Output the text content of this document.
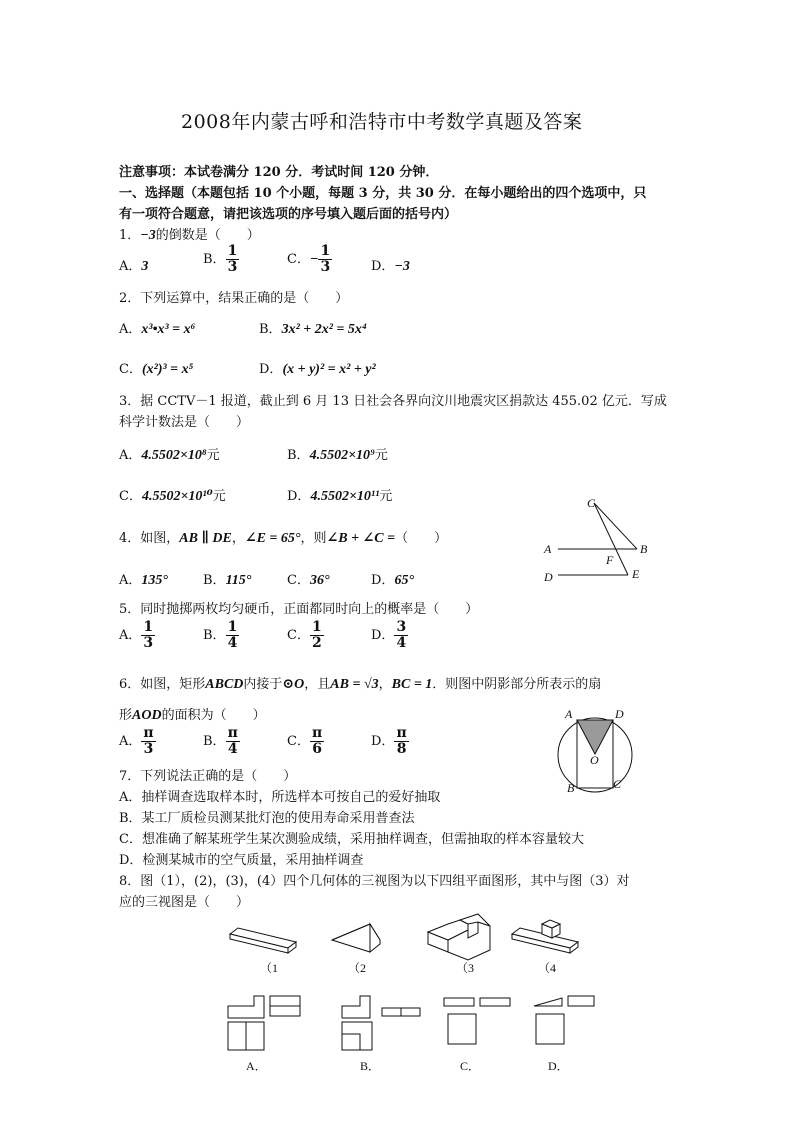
2008年内蒙古呼和浩特市中考数学真题及答案
注意事项：本试卷满分 120 分．考试时间 120 分钟．
一、选择题（本题包括 10 个小题，每题 3 分，共 30 分．在每小题给出的四个选项中，只
有一项符合题意，请把该选项的序号填入题后面的括号内）
1．−3的倒数是（　　）
A．3	B． $\frac{1}{3}$	C．− $\frac{1}{3}$	D．−3
2．下列运算中，结果正确的是（　　）
A．x³•x³ = x⁶	B．3x² + 2x² = 5x⁴
C．(x²)³ = x⁵	D．(x + y)² = x² + y²
3．据 CCTV－1 报道，截止到 6 月 13 日社会各界向汶川地震灾区捐款达 455.02 亿元．写成
科学计数法是（　　）
A．4.5502×10⁸元	B．4.5502×10⁹元
C．4.5502×10¹⁰元	D．4.5502×10¹¹元
4．如图，AB ∥ DE，∠E = 65°，则∠B + ∠C =（　　）
A．135°	B．115°	C．36°	D．65°
C
A	B
F
D	E
5．同时抛掷两枚均匀硬币，正面都同时向上的概率是（　　）
A． $\frac{1}{3}$	B． $\frac{1}{4}$	C． $\frac{1}{2}$	D． $\frac{3}{4}$
6．如图，矩形ABCD内接于⊙O，且AB = √3，BC = 1．则图中阴影部分所表示的扇
形AOD的面积为（　　）
A． $\frac{\pi}{3}$	B． $\frac{\pi}{4}$	C． $\frac{\pi}{6}$	D． $\frac{\pi}{8}$
A	D
O
B	C
7．下列说法正确的是（　　）
A．抽样调查选取样本时，所选样本可按自己的爱好抽取
B．某工厂质检员测某批灯泡的使用寿命采用普查法
C．想准确了解某班学生某次测验成绩，采用抽样调查，但需抽取的样本容量较大
D．检测某城市的空气质量，采用抽样调查
8．图（1），(2)，(3)，(4）四个几何体的三视图为以下四组平面图形，其中与图（3）对
应的三视图是（　　）
（1	（2	（3	（4
A．	B．	C．	D．
